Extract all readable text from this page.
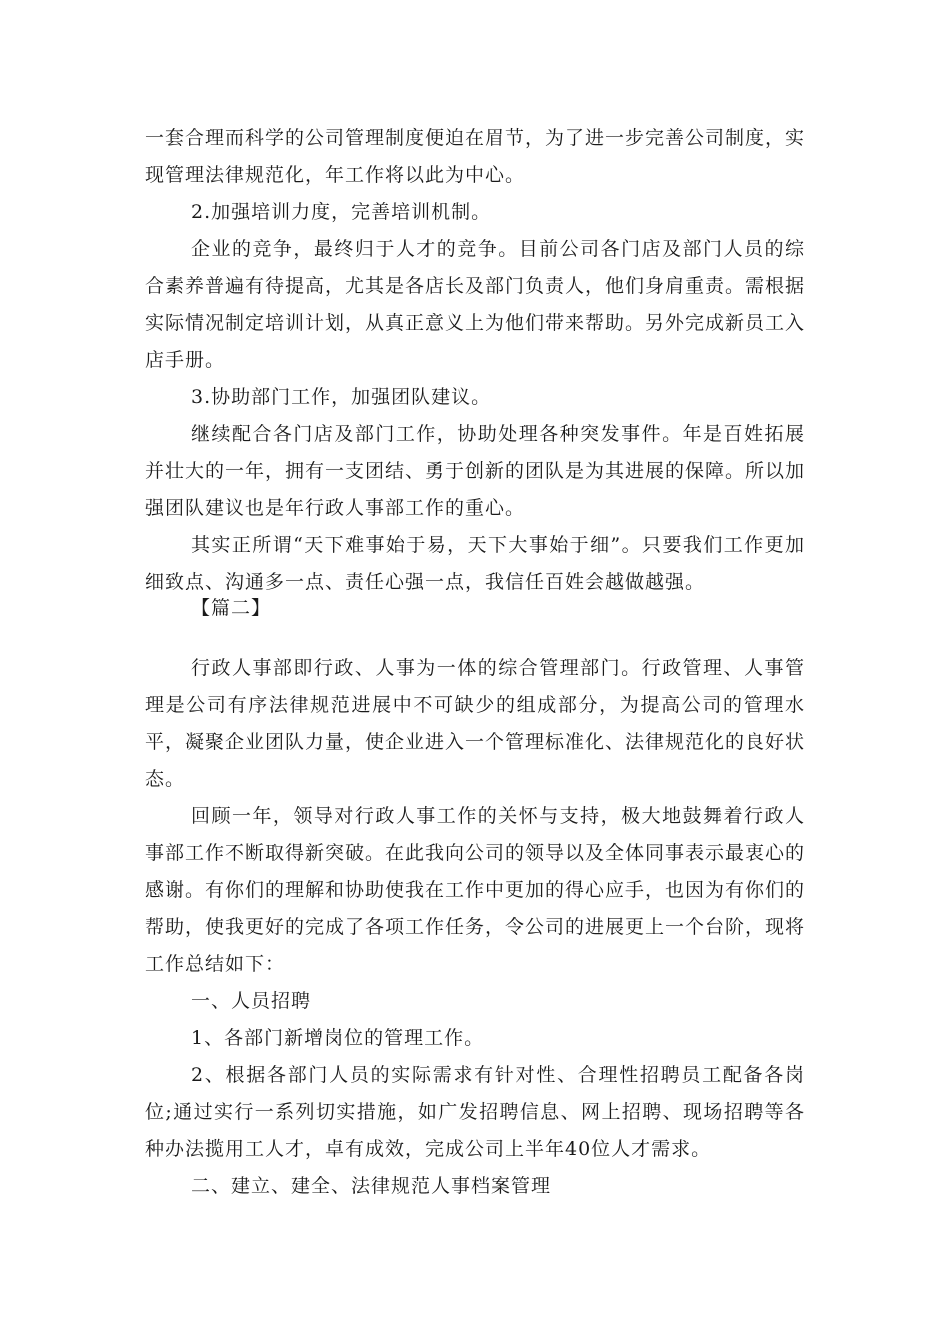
一套合理而科学的公司管理制度便迫在眉节，为了进一步完善公司制度，实现管理法律规范化，年工作将以此为中心。

2.加强培训力度，完善培训机制。

企业的竞争，最终归于人才的竞争。目前公司各门店及部门人员的综合素养普遍有待提高，尤其是各店长及部门负责人，他们身肩重责。需根据实际情况制定培训计划，从真正意义上为他们带来帮助。另外完成新员工入店手册。

3.协助部门工作，加强团队建议。

继续配合各门店及部门工作，协助处理各种突发事件。年是百姓拓展并壮大的一年，拥有一支团结、勇于创新的团队是为其进展的保障。所以加强团队建议也是年行政人事部工作的重心。

其实正所谓“天下难事始于易，天下大事始于细”。只要我们工作更加细致点、沟通多一点、责任心强一点，我信任百姓会越做越强。

【篇二】

行政人事部即行政、人事为一体的综合管理部门。行政管理、人事管理是公司有序法律规范进展中不可缺少的组成部分，为提高公司的管理水平，凝聚企业团队力量，使企业进入一个管理标准化、法律规范化的良好状态。

回顾一年，领导对行政人事工作的关怀与支持，极大地鼓舞着行政人事部工作不断取得新突破。在此我向公司的领导以及全体同事表示最衷心的感谢。有你们的理解和协助使我在工作中更加的得心应手，也因为有你们的帮助，使我更好的完成了各项工作任务，令公司的进展更上一个台阶，现将工作总结如下：

一、人员招聘

1、各部门新增岗位的管理工作。

2、根据各部门人员的实际需求有针对性、合理性招聘员工配备各岗位;通过实行一系列切实措施，如广发招聘信息、网上招聘、现场招聘等各种办法揽用工人才，卓有成效，完成公司上半年40位人才需求。

二、建立、建全、法律规范人事档案管理
